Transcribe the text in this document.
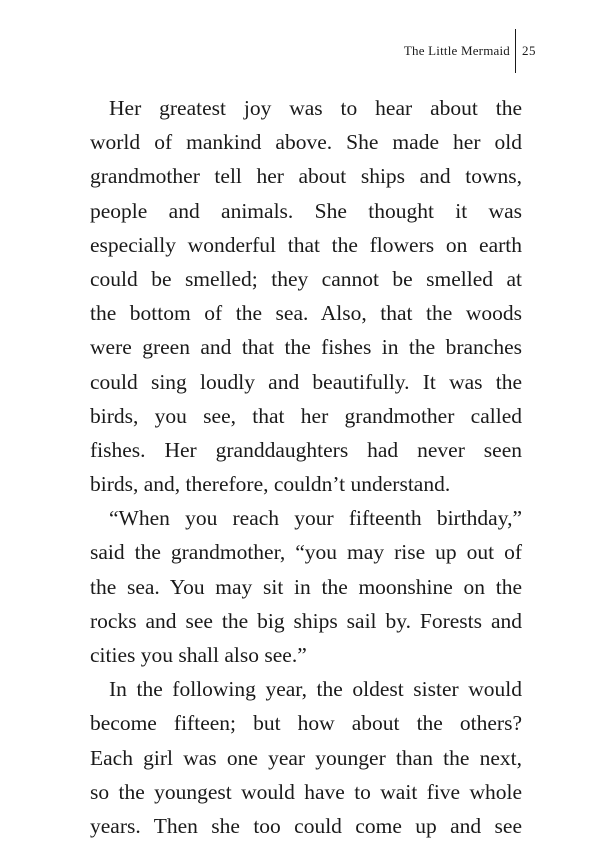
The Little Mermaid 25
Her greatest joy was to hear about the
world of mankind above. She made her old
grandmother tell her about ships and towns,
people and animals. She thought it was
especially wonderful that the flowers on earth
could be smelled; they cannot be smelled at
the bottom of the sea. Also, that the woods
were green and that the fishes in the branches
could sing loudly and beautifully. It was the
birds, you see, that her grandmother called
fishes. Her granddaughters had never seen
birds, and, therefore, couldn’t understand.
“When you reach your fifteenth birthday,”
said the grandmother, “you may rise up out of
the sea. You may sit in the moonshine on the
rocks and see the big ships sail by. Forests and
cities you shall also see.”
In the following year, the oldest sister would
become fifteen; but how about the others?
Each girl was one year younger than the next,
so the youngest would have to wait five whole
years. Then she too could come up and see
